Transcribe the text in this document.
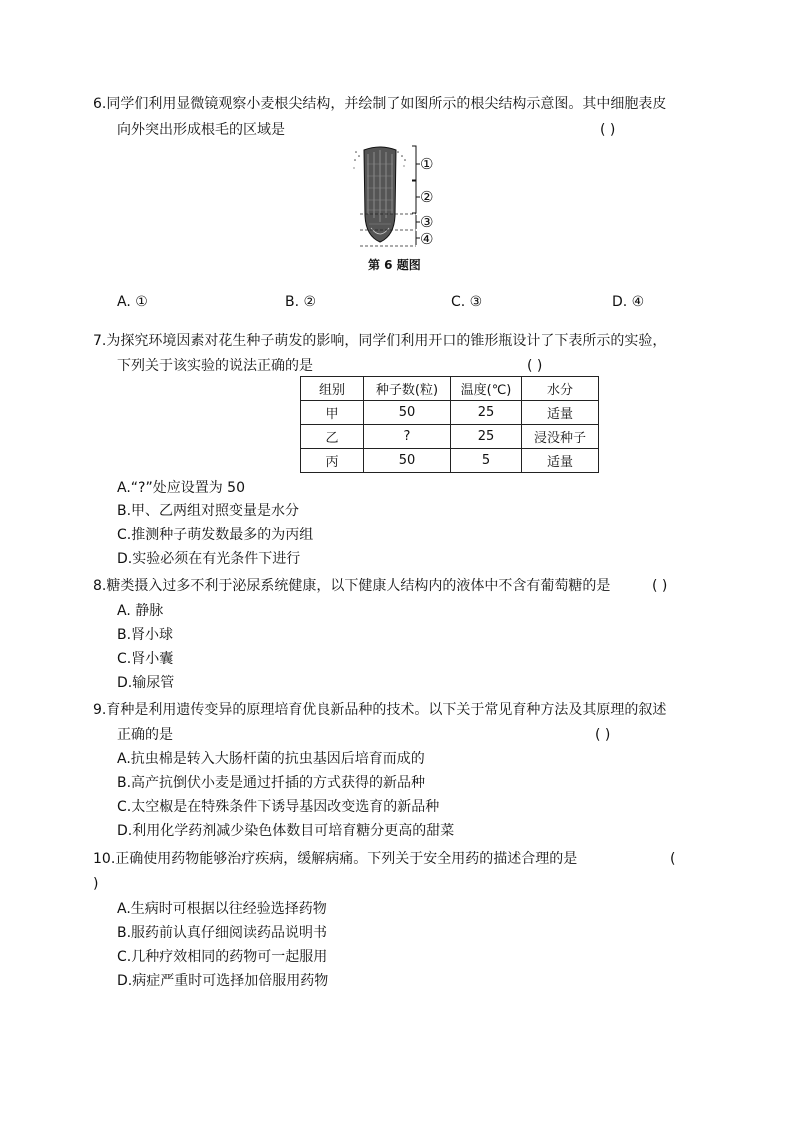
6.同学们利用显微镜观察小麦根尖结构，并绘制了如图所示的根尖结构示意图。其中细胞表皮
向外突出形成根毛的区域是	( )
①
②
③
④
第 6 题图
A. ①	B. ②	C. ③	D. ④
7.为探究环境因素对花生种子萌发的影响，同学们利用开口的锥形瓶设计了下表所示的实验，
下列关于该实验的说法正确的是	( )
组别	种子数(粒)	温度(℃)	水分
甲	50	25	适量
乙	?	25	浸没种子
丙	50	5	适量
A.“?”处应设置为 50
B.甲、乙两组对照变量是水分
C.推测种子萌发数最多的为丙组
D.实验必须在有光条件下进行
8.糖类摄入过多不利于泌尿系统健康，以下健康人结构内的液体中不含有葡萄糖的是	( )
A. 静脉
B.肾小球
C.肾小囊
D.输尿管
9.育种是利用遗传变异的原理培育优良新品种的技术。以下关于常见育种方法及其原理的叙述
正确的是	( )
A.抗虫棉是转入大肠杆菌的抗虫基因后培育而成的
B.高产抗倒伏小麦是通过扦插的方式获得的新品种
C.太空椒是在特殊条件下诱导基因改变选育的新品种
D.利用化学药剂减少染色体数目可培育糖分更高的甜菜
10.正确使用药物能够治疗疾病，缓解病痛。下列关于安全用药的描述合理的是	(
)
A.生病时可根据以往经验选择药物
B.服药前认真仔细阅读药品说明书
C.几种疗效相同的药物可一起服用
D.病症严重时可选择加倍服用药物
